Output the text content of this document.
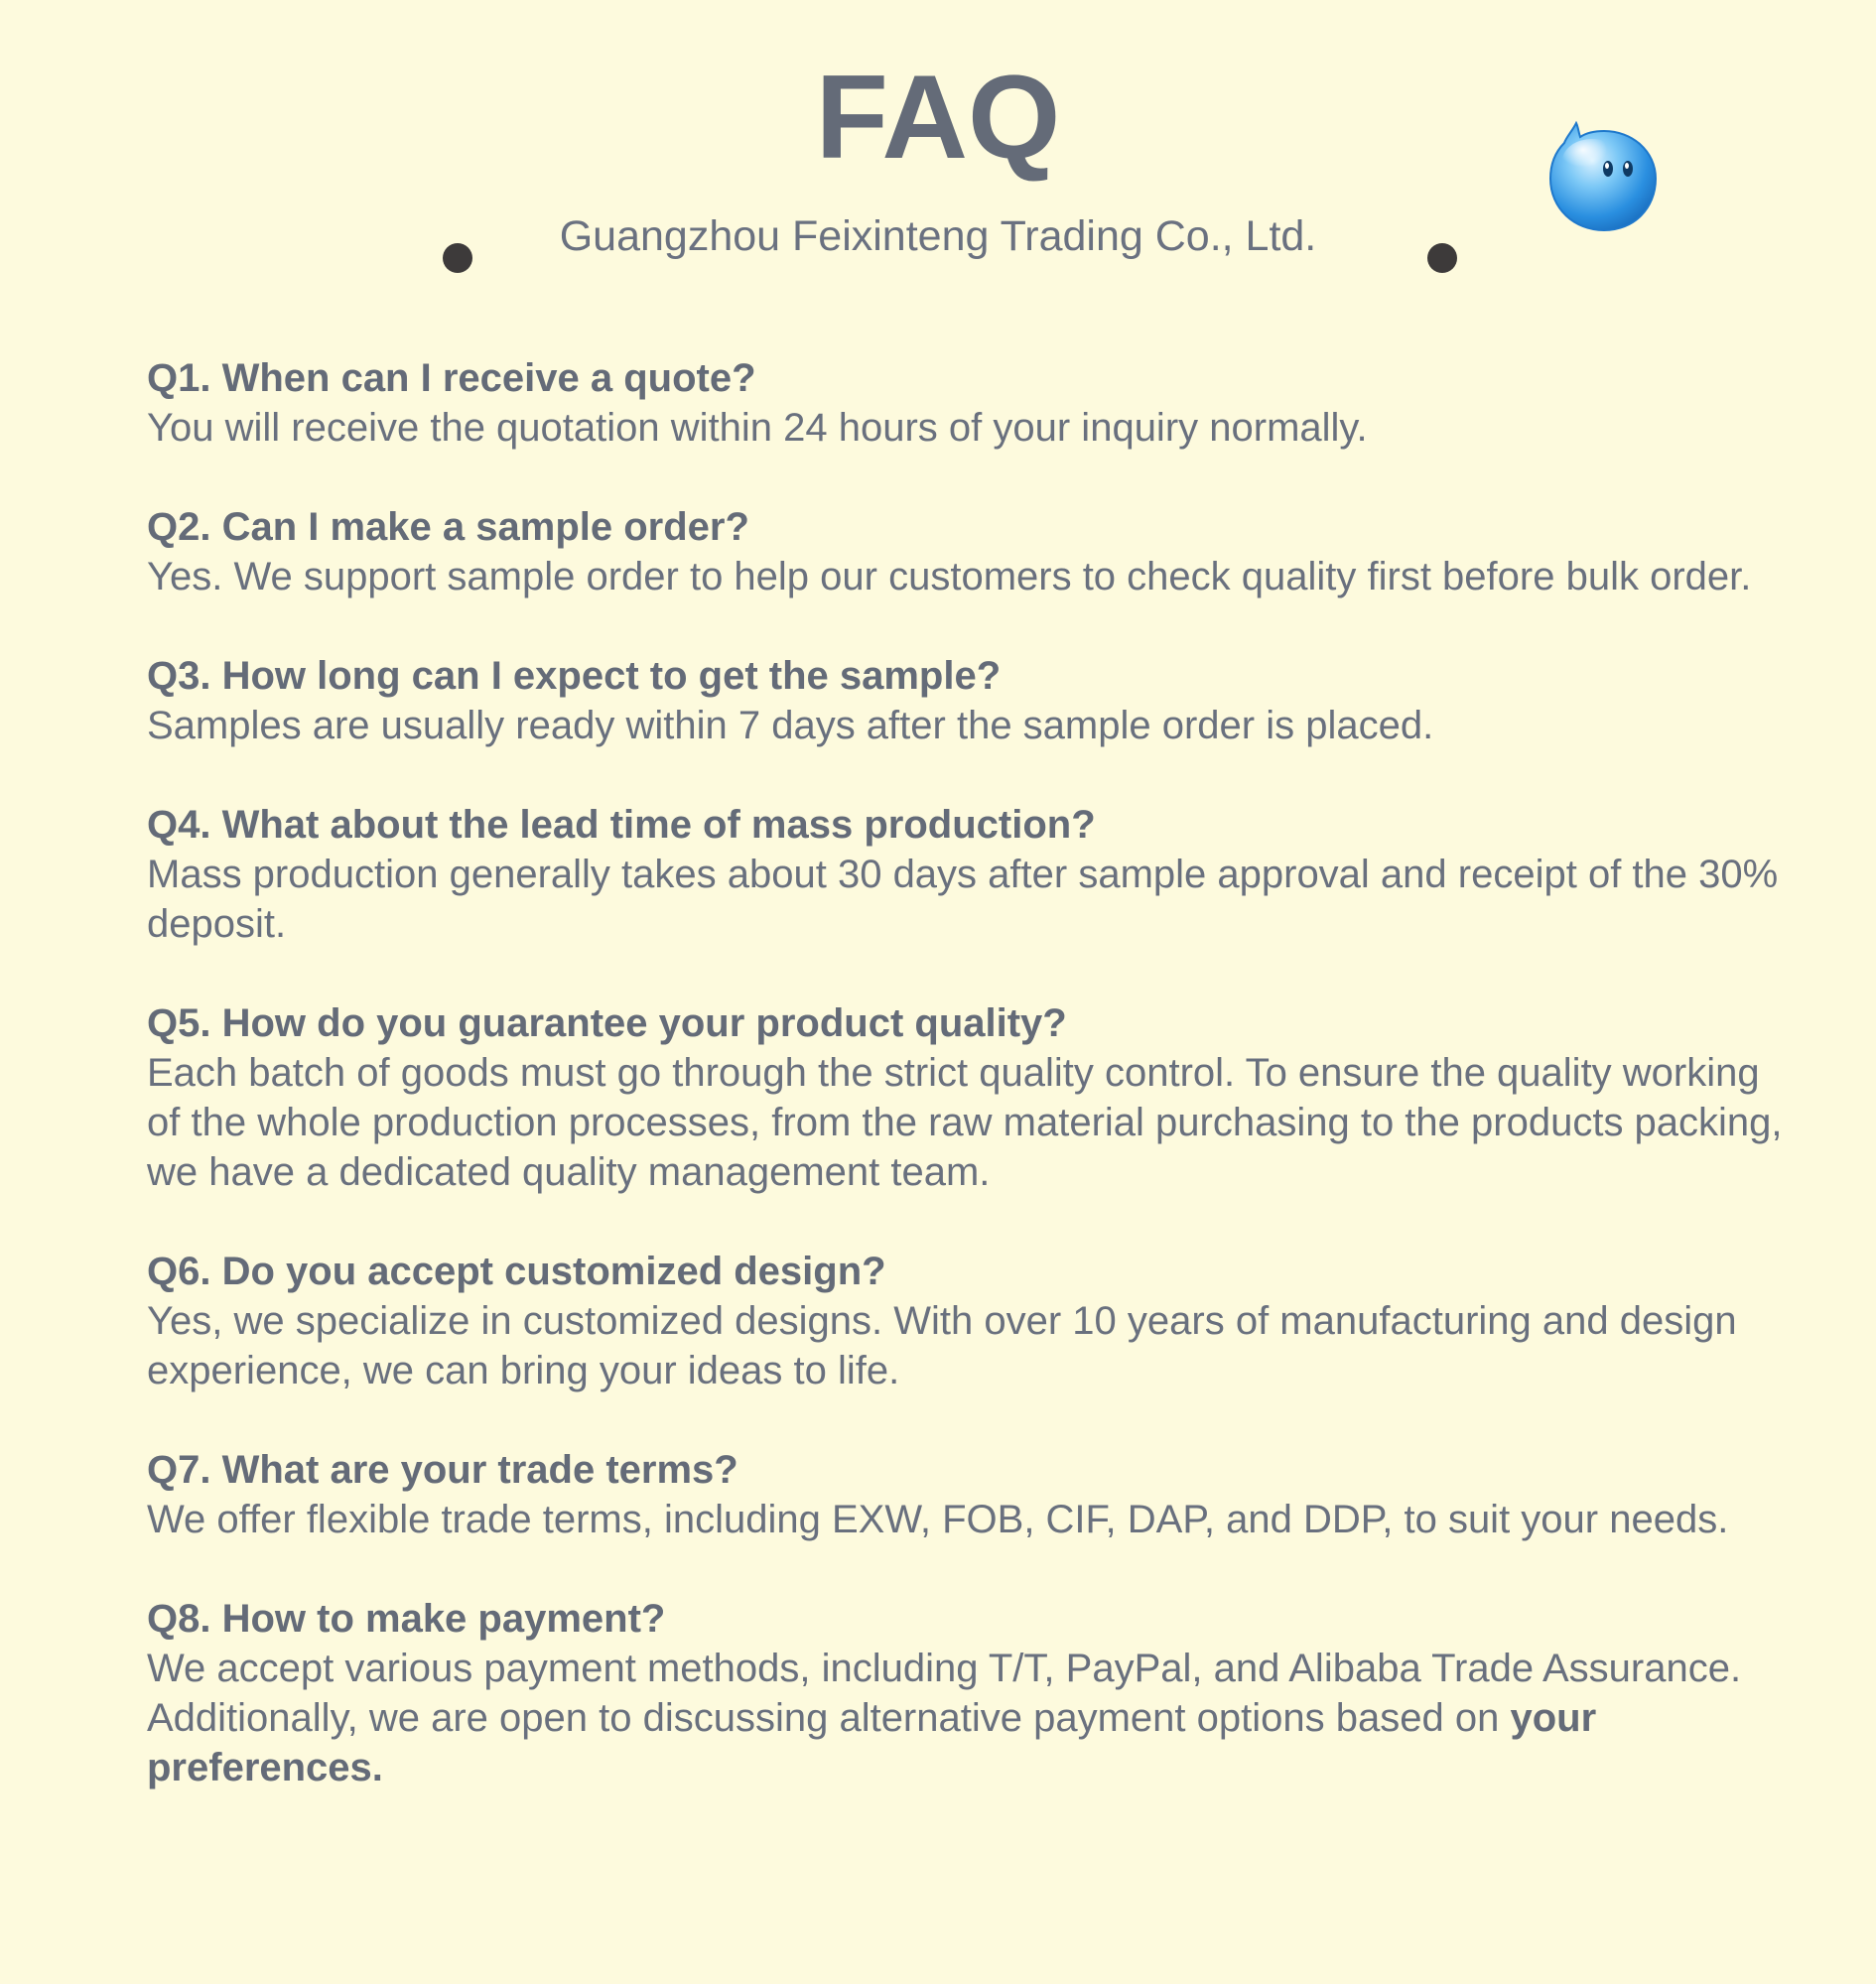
FAQ
Guangzhou Feixinteng Trading Co., Ltd.
Q1. When can I receive a quote?
You will receive the quotation within 24 hours of your inquiry normally.
Q2. Can I make a sample order?
Yes. We support sample order to help our customers to check quality first before bulk order.
Q3. How long can I expect to get the sample?
Samples are usually ready within 7 days after the sample order is placed.
Q4. What about the lead time of mass production?
Mass production generally takes about 30 days after sample approval and receipt of the 30% deposit.
Q5. How do you guarantee your product quality?
Each batch of goods must go through the strict quality control. To ensure the quality working of the whole production processes, from the raw material purchasing to the products packing, we have a dedicated quality management team.
Q6. Do you accept customized design?
Yes, we specialize in customized designs. With over 10 years of manufacturing and design experience, we can bring your ideas to life.
Q7. What are your trade terms?
We offer flexible trade terms, including EXW, FOB, CIF, DAP, and DDP, to suit your needs.
Q8. How to make payment?
We accept various payment methods, including T/T, PayPal, and Alibaba Trade Assurance. Additionally, we are open to discussing alternative payment options based on your preferences.
